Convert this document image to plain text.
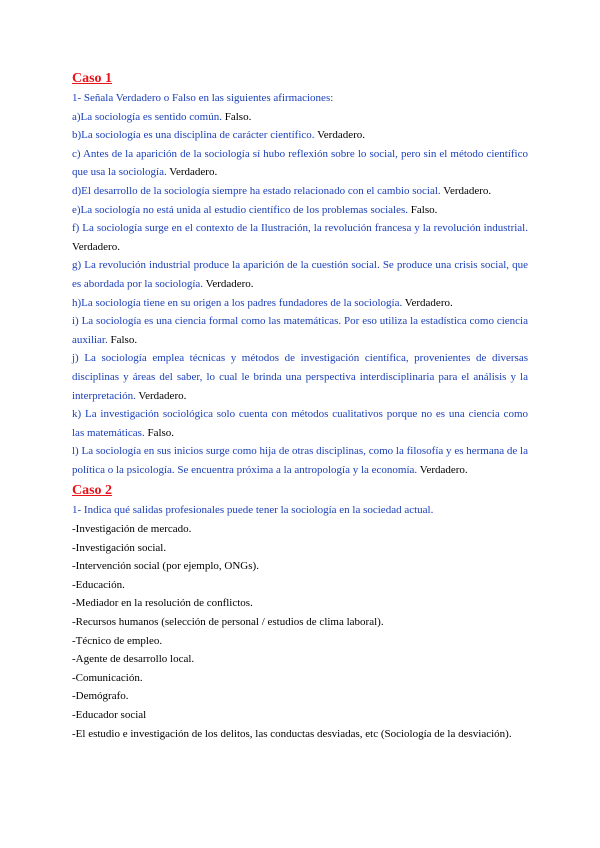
Caso 1
1- Señala Verdadero o Falso en las siguientes afirmaciones:
a)La sociología es sentido común. Falso.
b)La sociología es una disciplina de carácter científico. Verdadero.
c) Antes de la aparición de la sociología sí hubo reflexión sobre lo social, pero sin el método científico que usa la sociología. Verdadero.
d)El desarrollo de la sociología siempre ha estado relacionado con el cambio social. Verdadero.
e)La sociología no está unida al estudio científico de los problemas sociales. Falso.
f) La sociología surge en el contexto de la Ilustración, la revolución francesa y la revolución industrial. Verdadero.
g) La revolución industrial produce la aparición de la cuestión social. Se produce una crisis social, que es abordada por la sociología. Verdadero.
h)La sociología tiene en su origen a los padres fundadores de la sociología. Verdadero.
i) La sociología es una ciencia formal como las matemáticas. Por eso utiliza la estadística como ciencia auxiliar. Falso.
j) La sociología emplea técnicas y métodos de investigación científica, provenientes de diversas disciplinas y áreas del saber, lo cual le brinda una perspectiva interdisciplinaria para el análisis y la interpretación. Verdadero.
k) La investigación sociológica solo cuenta con métodos cualitativos porque no es una ciencia como las matemáticas. Falso.
l) La sociología en sus inicios surge como hija de otras disciplinas, como la filosofía y es hermana de la política o la psicología. Se encuentra próxima a la antropología y la economía. Verdadero.
Caso 2
1- Indica qué salidas profesionales puede tener la sociología en la sociedad actual.
-Investigación de mercado.
-Investigación social.
-Intervención social (por ejemplo, ONGs).
-Educación.
-Mediador en la resolución de conflictos.
-Recursos humanos (selección de personal / estudios de clima laboral).
-Técnico de empleo.
-Agente de desarrollo local.
-Comunicación.
-Demógrafo.
-Educador social
-El estudio e investigación de los delitos, las conductas desviadas, etc (Sociología de la desviación).
